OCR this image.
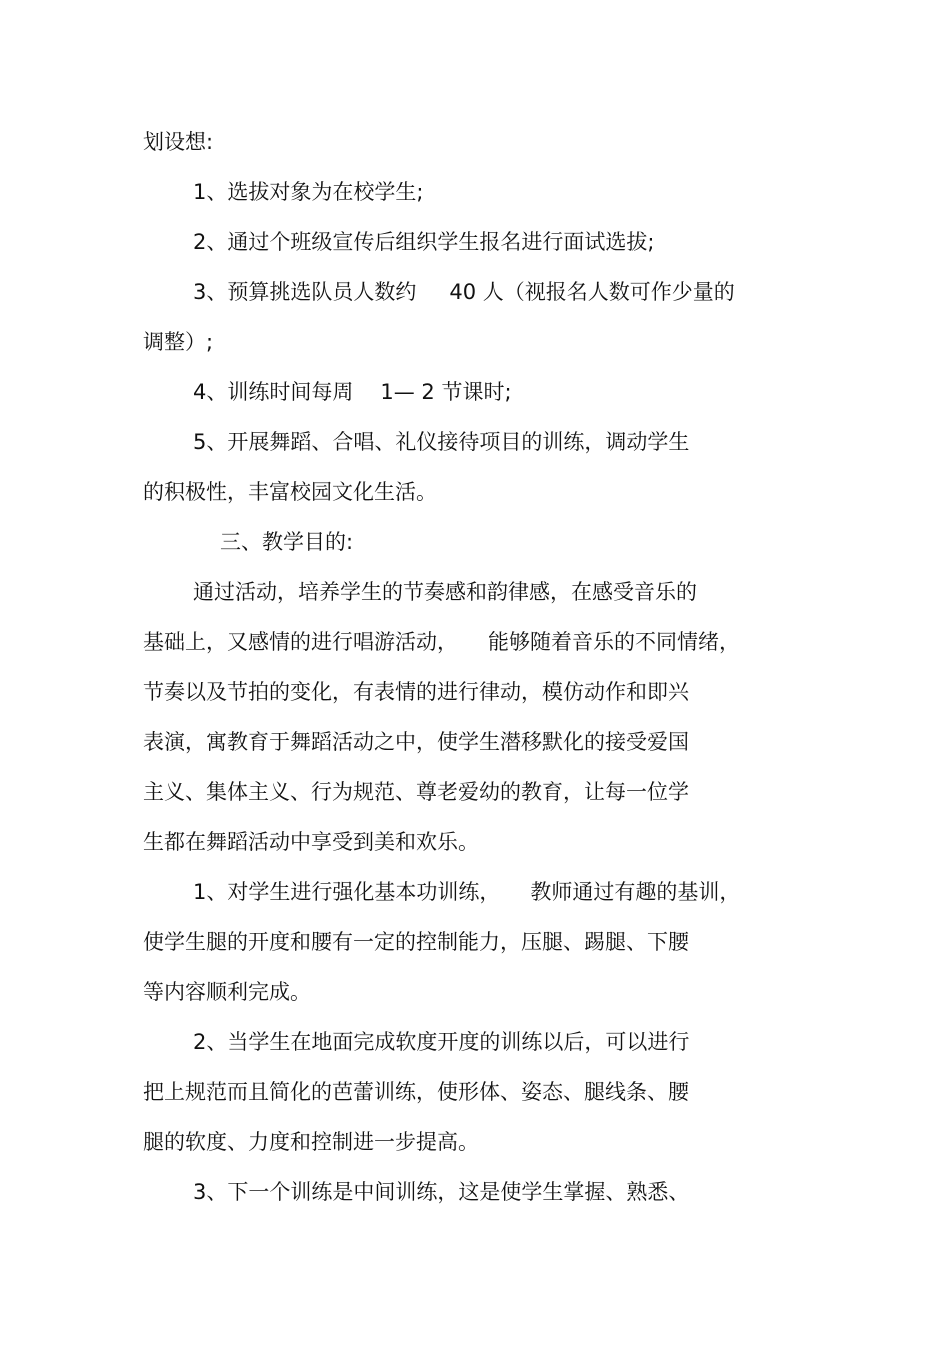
划设想:
1、选拔对象为在校学生;
2、通过个班级宣传后组织学生报名进行面试选拔;
3、预算挑选队员人数约 40 人（视报名人数可作少量的
调整）;
4、训练时间每周 1— 2 节课时;
5、开展舞蹈、合唱、礼仪接待项目的训练，调动学生
的积极性，丰富校园文化生活。
三、教学目的:
通过活动，培养学生的节奏感和韵律感，在感受音乐的
基础上，又感情的进行唱游活动， 能够随着音乐的不同情绪，
节奏以及节拍的变化，有表情的进行律动，模仿动作和即兴
表演，寓教育于舞蹈活动之中，使学生潜移默化的接受爱国
主义、集体主义、行为规范、尊老爱幼的教育，让每一位学
生都在舞蹈活动中享受到美和欢乐。
1、对学生进行强化基本功训练， 教师通过有趣的基训，
使学生腿的开度和腰有一定的控制能力，压腿、踢腿、下腰
等内容顺利完成。
2、当学生在地面完成软度开度的训练以后，可以进行
把上规范而且简化的芭蕾训练，使形体、姿态、腿线条、腰
腿的软度、力度和控制进一步提高。
3、下一个训练是中间训练，这是使学生掌握、熟悉、
